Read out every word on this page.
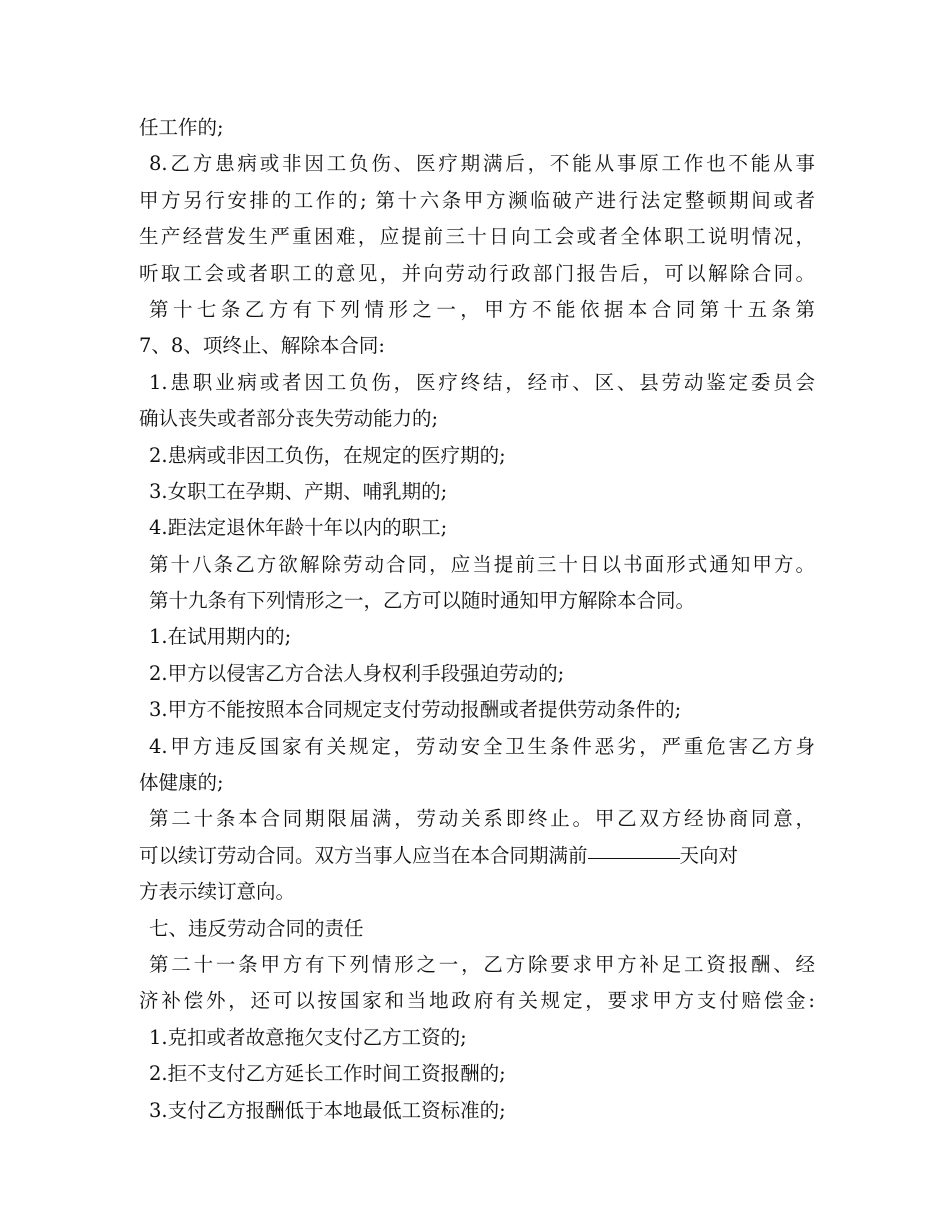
任工作的;
8.乙方患病或非因工负伤、医疗期满后，不能从事原工作也不能从事
甲方另行安排的工作的; 第十六条甲方濒临破产进行法定整顿期间或者
生产经营发生严重困难，应提前三十日向工会或者全体职工说明情况，
听取工会或者职工的意见，并向劳动行政部门报告后，可以解除合同。
第十七条乙方有下列情形之一，甲方不能依据本合同第十五条第
7、8、项终止、解除本合同:
1.患职业病或者因工负伤，医疗终结，经市、区、县劳动鉴定委员会
确认丧失或者部分丧失劳动能力的;
2.患病或非因工负伤，在规定的医疗期的;
3.女职工在孕期、产期、哺乳期的;
4.距法定退休年龄十年以内的职工;
第十八条乙方欲解除劳动合同，应当提前三十日以书面形式通知甲方。
第十九条有下列情形之一，乙方可以随时通知甲方解除本合同。
1.在试用期内的;
2.甲方以侵害乙方合法人身权利手段强迫劳动的;
3.甲方不能按照本合同规定支付劳动报酬或者提供劳动条件的;
4.甲方违反国家有关规定，劳动安全卫生条件恶劣，严重危害乙方身
体健康的;
第二十条本合同期限届满，劳动关系即终止。甲乙双方经协商同意，
可以续订劳动合同。双方当事人应当在本合同期满前	天向对
方表示续订意向。
七、违反劳动合同的责任
第二十一条甲方有下列情形之一，乙方除要求甲方补足工资报酬、经
济补偿外，还可以按国家和当地政府有关规定，要求甲方支付赔偿金:
1.克扣或者故意拖欠支付乙方工资的;
2.拒不支付乙方延长工作时间工资报酬的;
3.支付乙方报酬低于本地最低工资标准的;
